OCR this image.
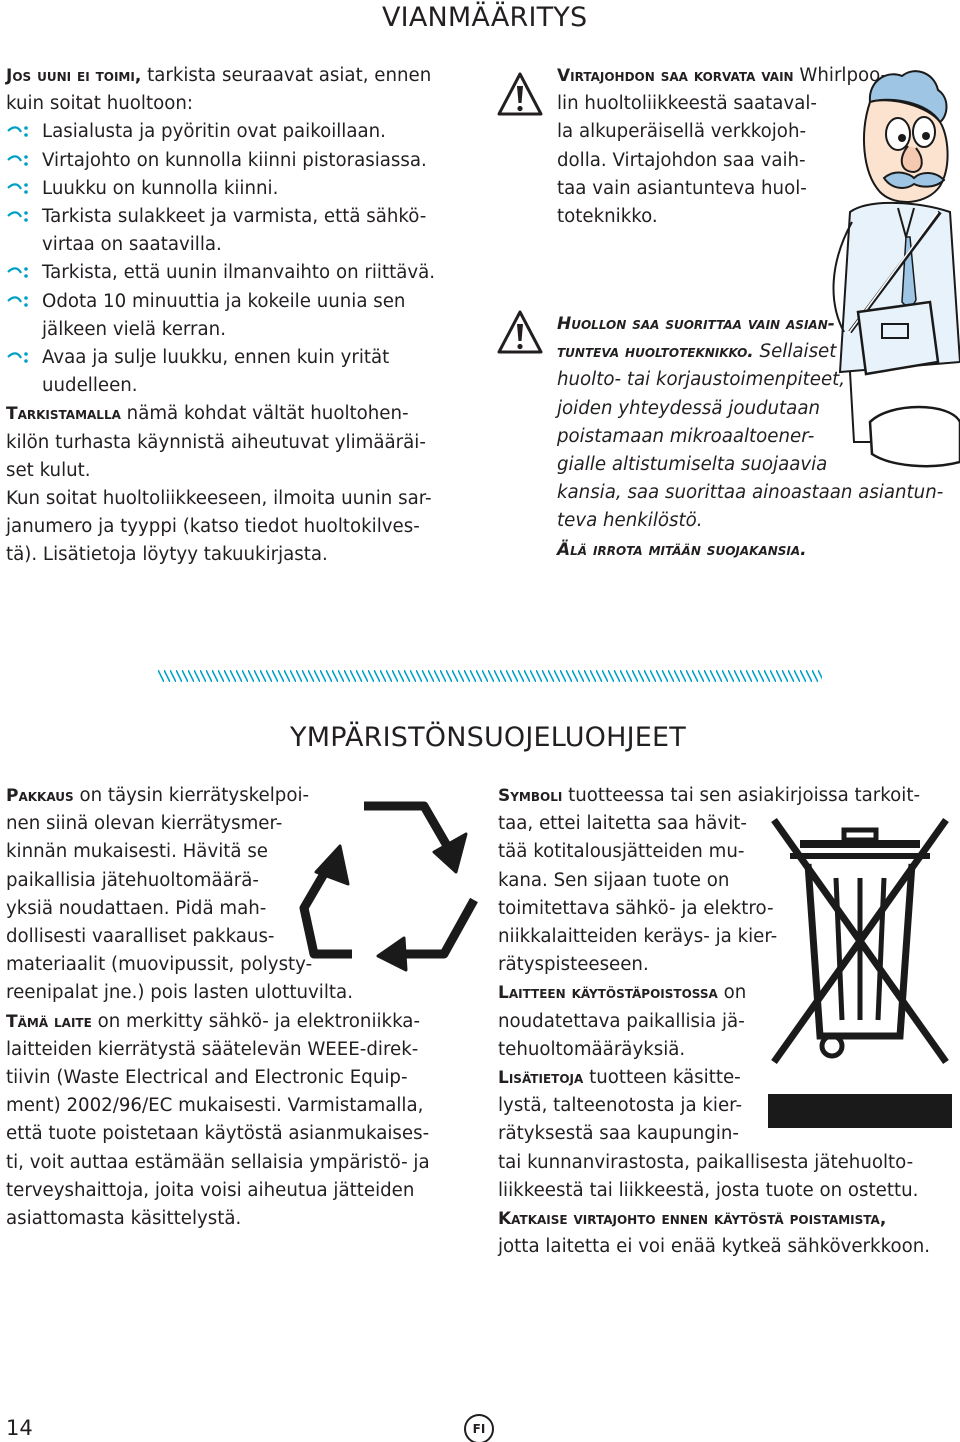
VIANMÄÄRITYS
Jos uuni ei toimi, tarkista seuraavat asiat, ennen
kuin soitat huoltoon:
Lasialusta ja pyöritin ovat paikoillaan.
Virtajohto on kunnolla kiinni pistorasiassa.
Luukku on kunnolla kiinni.
Tarkista sulakkeet ja varmista, että sähkö-
virtaa on saatavilla.
Tarkista, että uunin ilmanvaihto on riittävä.
Odota 10 minuuttia ja kokeile uunia sen
jälkeen vielä kerran.
Avaa ja sulje luukku, ennen kuin yrität
uudelleen.
Tarkistamalla nämä kohdat vältät huoltohen-
kilön turhasta käynnistä aiheutuvat ylimääräi-
set kulut.
Kun soitat huoltoliikkeeseen, ilmoita uunin sar-
janumero ja tyyppi (katso tiedot huoltokilves-
tä). Lisätietoja löytyy takuukirjasta.
Virtajohdon saa korvata vain Whirlpoo-
lin huoltoliikkeestä saataval-
la alkuperäisellä verkkojoh-
dolla. Virtajohdon saa vaih-
taa vain asiantunteva huol-
toteknikko.
Huollon saa suorittaa vain asian-
tunteva huoltoteknikko. Sellaiset
huolto- tai korjaustoimenpiteet,
joiden yhteydessä joudutaan
poistamaan mikroaaltoener-
gialle altistumiselta suojaavia
kansia, saa suorittaa ainoastaan asiantun-
teva henkilöstö.
Älä irrota mitään suojakansia.
YMPÄRISTÖNSUOJELUOHJEET
Pakkaus on täysin kierrätyskelpoi-
nen siinä olevan kierrätysmer-
kinnän mukaisesti. Hävitä se
paikallisia jätehuoltomäärä-
yksiä noudattaen. Pidä mah-
dollisesti vaaralliset pakkaus-
materiaalit (muovipussit, polysty-
reenipalat jne.) pois lasten ulottuvilta.
Tämä laite on merkitty sähkö- ja elektroniikka-
laitteiden kierrätystä säätelevän WEEE-direk-
tiivin (Waste Electrical and Electronic Equip-
ment) 2002/96/EC mukaisesti. Varmistamalla,
että tuote poistetaan käytöstä asianmukaises-
ti, voit auttaa estämään sellaisia ympäristö- ja
terveyshaittoja, joita voisi aiheutua jätteiden
asiattomasta käsittelystä.
Symboli tuotteessa tai sen asiakirjoissa tarkoit-
taa, ettei laitetta saa hävit-
tää kotitalousjätteiden mu-
kana. Sen sijaan tuote on
toimitettava sähkö- ja elektro-
niikkalaitteiden keräys- ja kier-
rätyspisteeseen.
Laitteen käytöstäpoistossa on
noudatettava paikallisia jä-
tehuoltomääräyksiä.
Lisätietoja tuotteen käsitte-
lystä, talteenotosta ja kier-
rätyksestä saa kaupungin-
tai kunnanvirastosta, paikallisesta jätehuolto-
liikkeestä tai liikkeestä, josta tuote on ostettu.
Katkaise virtajohto ennen käytöstä poistamista,
jotta laitetta ei voi enää kytkeä sähköverkkoon.
14	FI
